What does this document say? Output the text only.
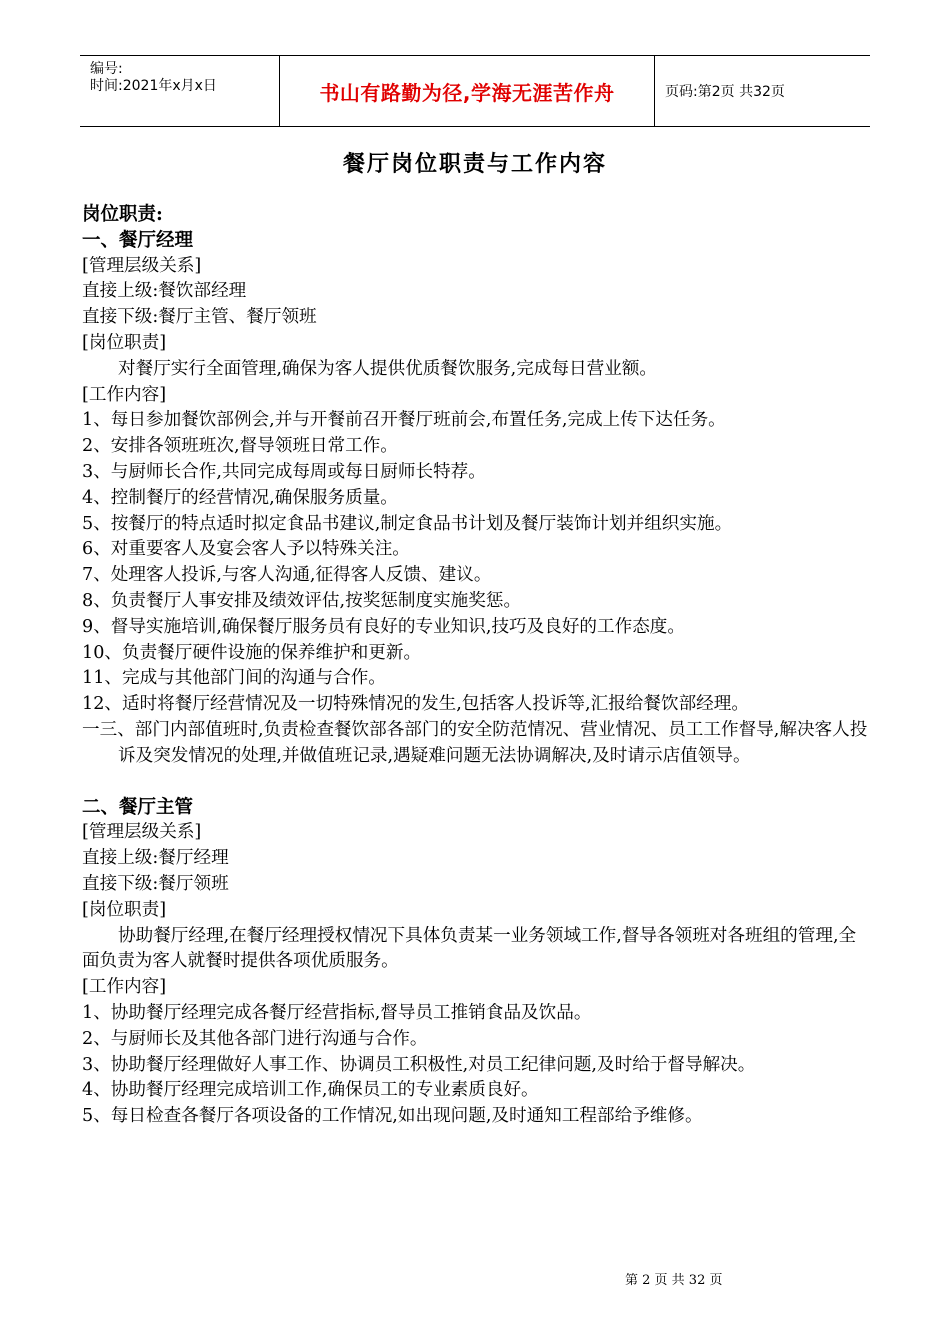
编号:
时间:2021年x月x日	书山有路勤为径,学海无涯苦作舟	页码:第2页 共32页
餐厅岗位职责与工作内容

岗位职责:

一、餐厅经理

[管理层级关系]

直接上级:餐饮部经理

直接下级:餐厅主管、餐厅领班

[岗位职责]

对餐厅实行全面管理,确保为客人提供优质餐饮服务,完成每日营业额。

[工作内容]

1、每日参加餐饮部例会,并与开餐前召开餐厅班前会,布置任务,完成上传下达任务。

2、安排各领班班次,督导领班日常工作。

3、与厨师长合作,共同完成每周或每日厨师长特荐。

4、控制餐厅的经营情况,确保服务质量。

5、按餐厅的特点适时拟定食品书建议,制定食品书计划及餐厅装饰计划并组织实施。

6、对重要客人及宴会客人予以特殊关注。

7、处理客人投诉,与客人沟通,征得客人反馈、建议。

8、负责餐厅人事安排及绩效评估,按奖惩制度实施奖惩。

9、督导实施培训,确保餐厅服务员有良好的专业知识,技巧及良好的工作态度。

10、负责餐厅硬件设施的保养维护和更新。

11、完成与其他部门间的沟通与合作。

12、适时将餐厅经营情况及一切特殊情况的发生,包括客人投诉等,汇报给餐饮部经理。

一三、部门内部值班时,负责检查餐饮部各部门的安全防范情况、营业情况、员工工作督导,解决客人投诉及突发情况的处理,并做值班记录,遇疑难问题无法协调解决,及时请示店值领导。

二、餐厅主管

[管理层级关系]

直接上级:餐厅经理

直接下级:餐厅领班

[岗位职责]

协助餐厅经理,在餐厅经理授权情况下具体负责某一业务领域工作,督导各领班对各班组的管理,全面负责为客人就餐时提供各项优质服务。

[工作内容]

1、协助餐厅经理完成各餐厅经营指标,督导员工推销食品及饮品。

2、与厨师长及其他各部门进行沟通与合作。

3、协助餐厅经理做好人事工作、协调员工积极性,对员工纪律问题,及时给于督导解决。

4、协助餐厅经理完成培训工作,确保员工的专业素质良好。

5、每日检查各餐厅各项设备的工作情况,如出现问题,及时通知工程部给予维修。

第 2 页 共 32 页
